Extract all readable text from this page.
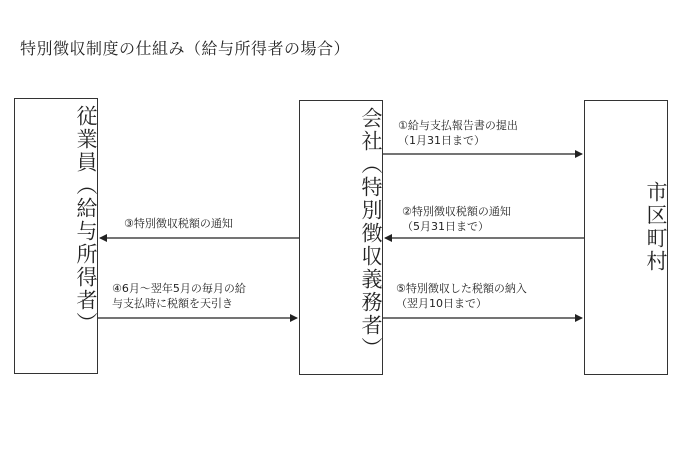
特別徴収制度の仕組み（給与所得者の場合）
従業員（給与所得者）	会社（特別徴収義務者）	市区町村
①給与支払報告書の提出
（1月31日まで）
②特別徴収税額の通知
（5月31日まで）
③特別徴収税額の通知
④6月～翌年5月の毎月の給
与支払時に税額を天引き
⑤特別徴収した税額の納入
（翌月10日まで）
